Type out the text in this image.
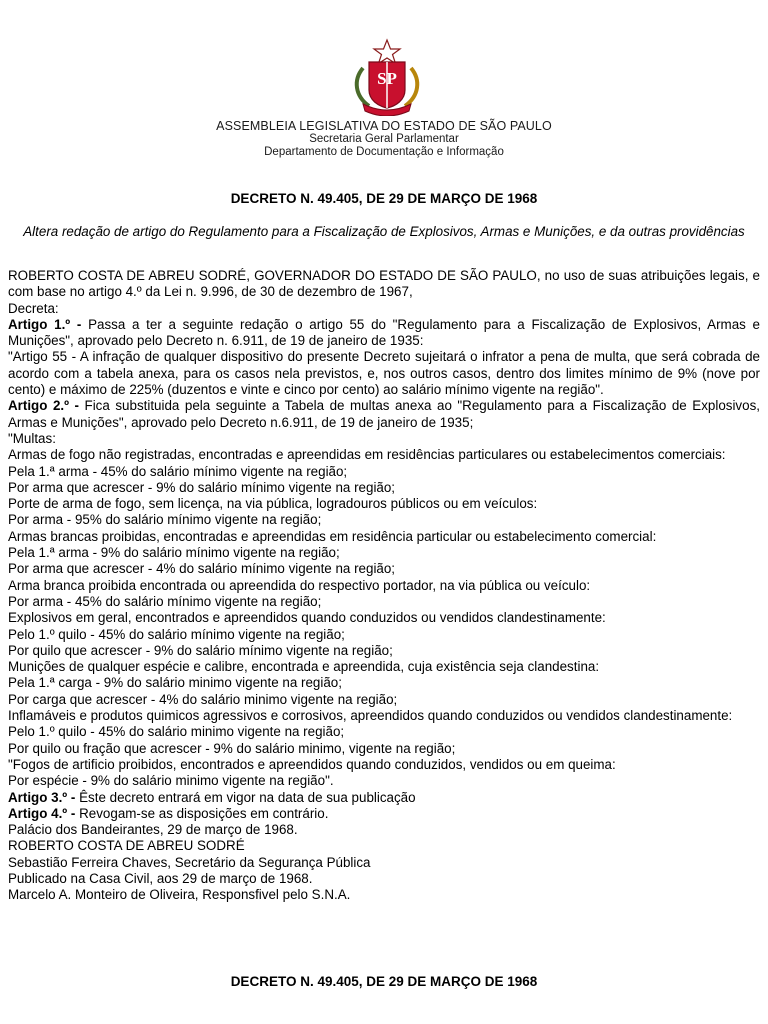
SP
ASSEMBLEIA LEGISLATIVA DO ESTADO DE SÃO PAULO
Secretaria Geral Parlamentar
Departamento de Documentação e Informação
DECRETO N. 49.405, DE 29 DE MARÇO DE 1968
Altera redação de artigo do Regulamento para a Fiscalização de Explosivos, Armas e Munições, e da outras providências

ROBERTO COSTA DE ABREU SODRÉ, GOVERNADOR DO ESTADO DE SÃO PAULO, no uso de suas atribuições legais, e com base no artigo 4.º da Lei n. 9.996, de 30 de dezembro de 1967,

Decreta:

Artigo 1.º - Passa a ter a seguinte redação o artigo 55 do "Regulamento para a Fiscalização de Explosivos, Armas e Munições", aprovado pelo Decreto n. 6.911, de 19 de janeiro de 1935:

"Artigo 55 - A infração de qualquer dispositivo do presente Decreto sujeitará o infrator a pena de multa, que será cobrada de acordo com a tabela anexa, para os casos nela previstos, e, nos outros casos, dentro dos limites mínimo de 9% (nove por cento) e máximo de 225% (duzentos e vinte e cinco por cento) ao salário mínimo vigente na região".

Artigo 2.º - Fica substituida pela seguinte a Tabela de multas anexa ao "Regulamento para a Fiscalização de Explosivos, Armas e Munições", aprovado pelo Decreto n.6.911, de 19 de janeiro de 1935;

"Multas:

Armas de fogo não registradas, encontradas e apreendidas em residências particulares ou estabelecimentos comerciais:

Pela 1.ª arma - 45% do salário mínimo vigente na região;

Por arma que acrescer - 9% do salário mínimo vigente na região;

Porte de arma de fogo, sem licença, na via pública, logradouros públicos ou em veículos:

Por arma - 95% do salário mínimo vigente na região;

Armas brancas proibidas, encontradas e apreendidas em residência particular ou estabelecimento comercial:

Pela 1.ª arma - 9% do salário mínimo vigente na região;

Por arma que acrescer - 4% do salário mínimo vigente na região;

Arma branca proibida encontrada ou apreendida do respectivo portador, na via pública ou veículo:

Por arma - 45% do salário mínimo vigente na região;

Explosivos em geral, encontrados e apreendidos quando conduzidos ou vendidos clandestinamente:

Pelo 1.º quilo - 45% do salário mínimo vigente na região;

Por quilo que acrescer - 9% do salário mínimo vigente na região;

Munições de qualquer espécie e calibre, encontrada e apreendida, cuja existência seja clandestina:

Pela 1.ª carga - 9% do salário minimo vigente na região;

Por carga que acrescer - 4% do salário minimo vigente na região;

Inflamáveis e produtos quimicos agressivos e corrosivos, apreendidos quando conduzidos ou vendidos clandestinamente:

Pelo 1.º quilo - 45% do salário minimo vigente na região;

Por quilo ou fração que acrescer - 9% do salário minimo, vigente na região;

"Fogos de artificio proibidos, encontrados e apreendidos quando conduzidos, vendidos ou em queima:

Por espécie - 9% do salário minimo vigente na região".

Artigo 3.º - Êste decreto entrará em vigor na data de sua publicação

Artigo 4.º - Revogam-se as disposições em contrário.

Palácio dos Bandeirantes, 29 de março de 1968.

ROBERTO COSTA DE ABREU SODRÉ

Sebastião Ferreira Chaves, Secretário da Segurança Pública

Publicado na Casa Civil, aos 29 de março de 1968.

Marcelo A. Monteiro de Oliveira, Responsfivel pelo S.N.A.

DECRETO N. 49.405, DE 29 DE MARÇO DE 1968
